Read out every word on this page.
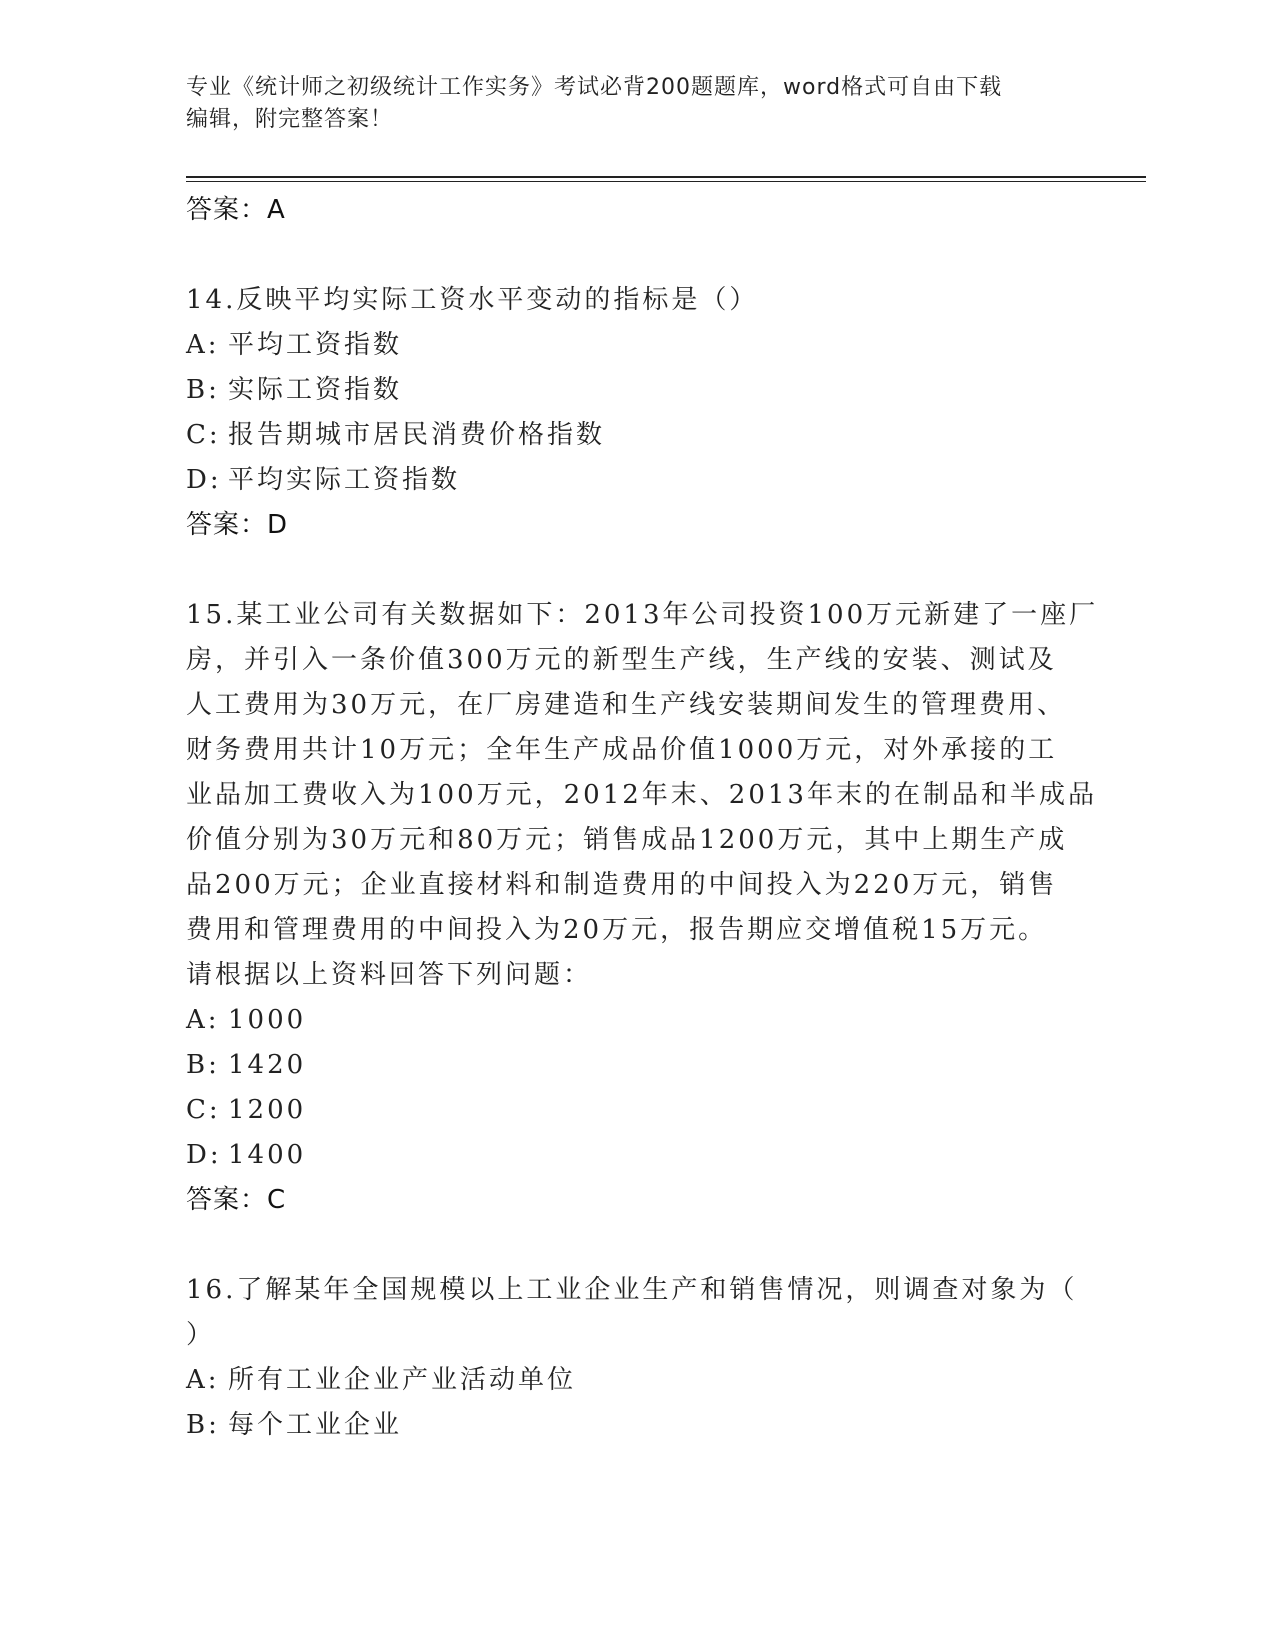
专业《统计师之初级统计工作实务》考试必背200题题库，word格式可自由下载
编辑，附完整答案！
答案：A
14.反映平均实际工资水平变动的指标是（）
A: 平均工资指数
B: 实际工资指数
C: 报告期城市居民消费价格指数
D: 平均实际工资指数
答案：D
15.某工业公司有关数据如下：2013年公司投资100万元新建了一座厂
房，并引入一条价值300万元的新型生产线，生产线的安装、测试及
人工费用为30万元，在厂房建造和生产线安装期间发生的管理费用、
财务费用共计10万元；全年生产成品价值1000万元，对外承接的工
业品加工费收入为100万元，2012年末、2013年末的在制品和半成品
价值分别为30万元和80万元；销售成品1200万元，其中上期生产成
品200万元；企业直接材料和制造费用的中间投入为220万元，销售
费用和管理费用的中间投入为20万元，报告期应交增值税15万元。
请根据以上资料回答下列问题：
A: 1000
B: 1420
C: 1200
D: 1400
答案：C
16.了解某年全国规模以上工业企业生产和销售情况，则调查对象为（
）
A: 所有工业企业产业活动单位
B: 每个工业企业
